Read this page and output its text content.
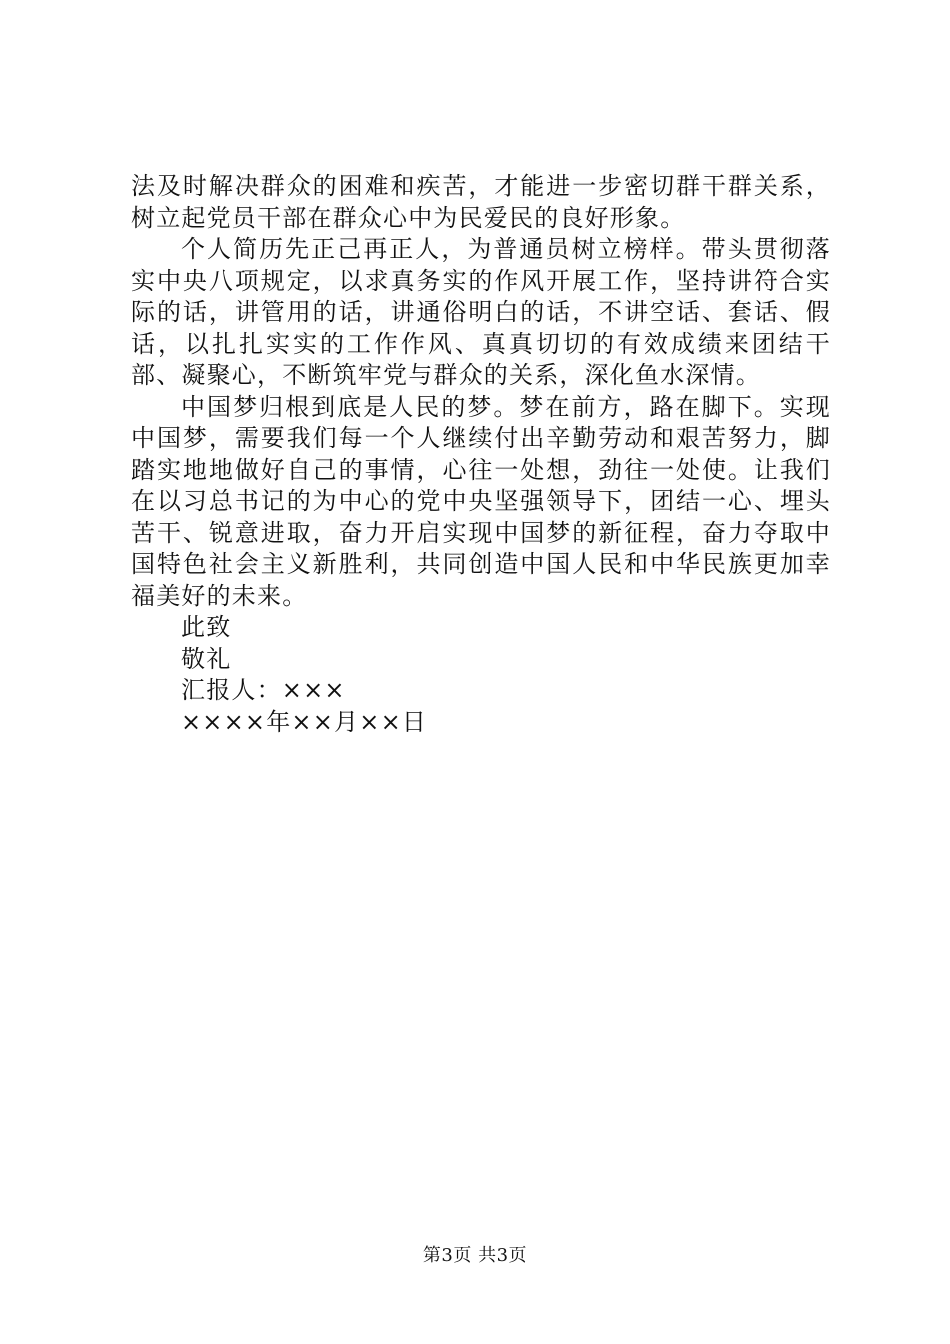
法及时解决群众的困难和疾苦，才能进一步密切群干群关系，树立起党员干部在群众心中为民爱民的良好形象。

个人简历先正己再正人，为普通员树立榜样。带头贯彻落实中央八项规定，以求真务实的作风开展工作，坚持讲符合实际的话，讲管用的话，讲通俗明白的话，不讲空话、套话、假话，以扎扎实实的工作作风、真真切切的有效成绩来团结干部、凝聚心，不断筑牢党与群众的关系，深化鱼水深情。

中国梦归根到底是人民的梦。梦在前方，路在脚下。实现中国梦，需要我们每一个人继续付出辛勤劳动和艰苦努力，脚踏实地地做好自己的事情，心往一处想，劲往一处使。让我们在以习总书记的为中心的党中央坚强领导下，团结一心、埋头苦干、锐意进取，奋力开启实现中国梦的新征程，奋力夺取中国特色社会主义新胜利，共同创造中国人民和中华民族更加幸福美好的未来。

此致

敬礼

汇报人：×××

××××年××月××日

第3页 共3页
